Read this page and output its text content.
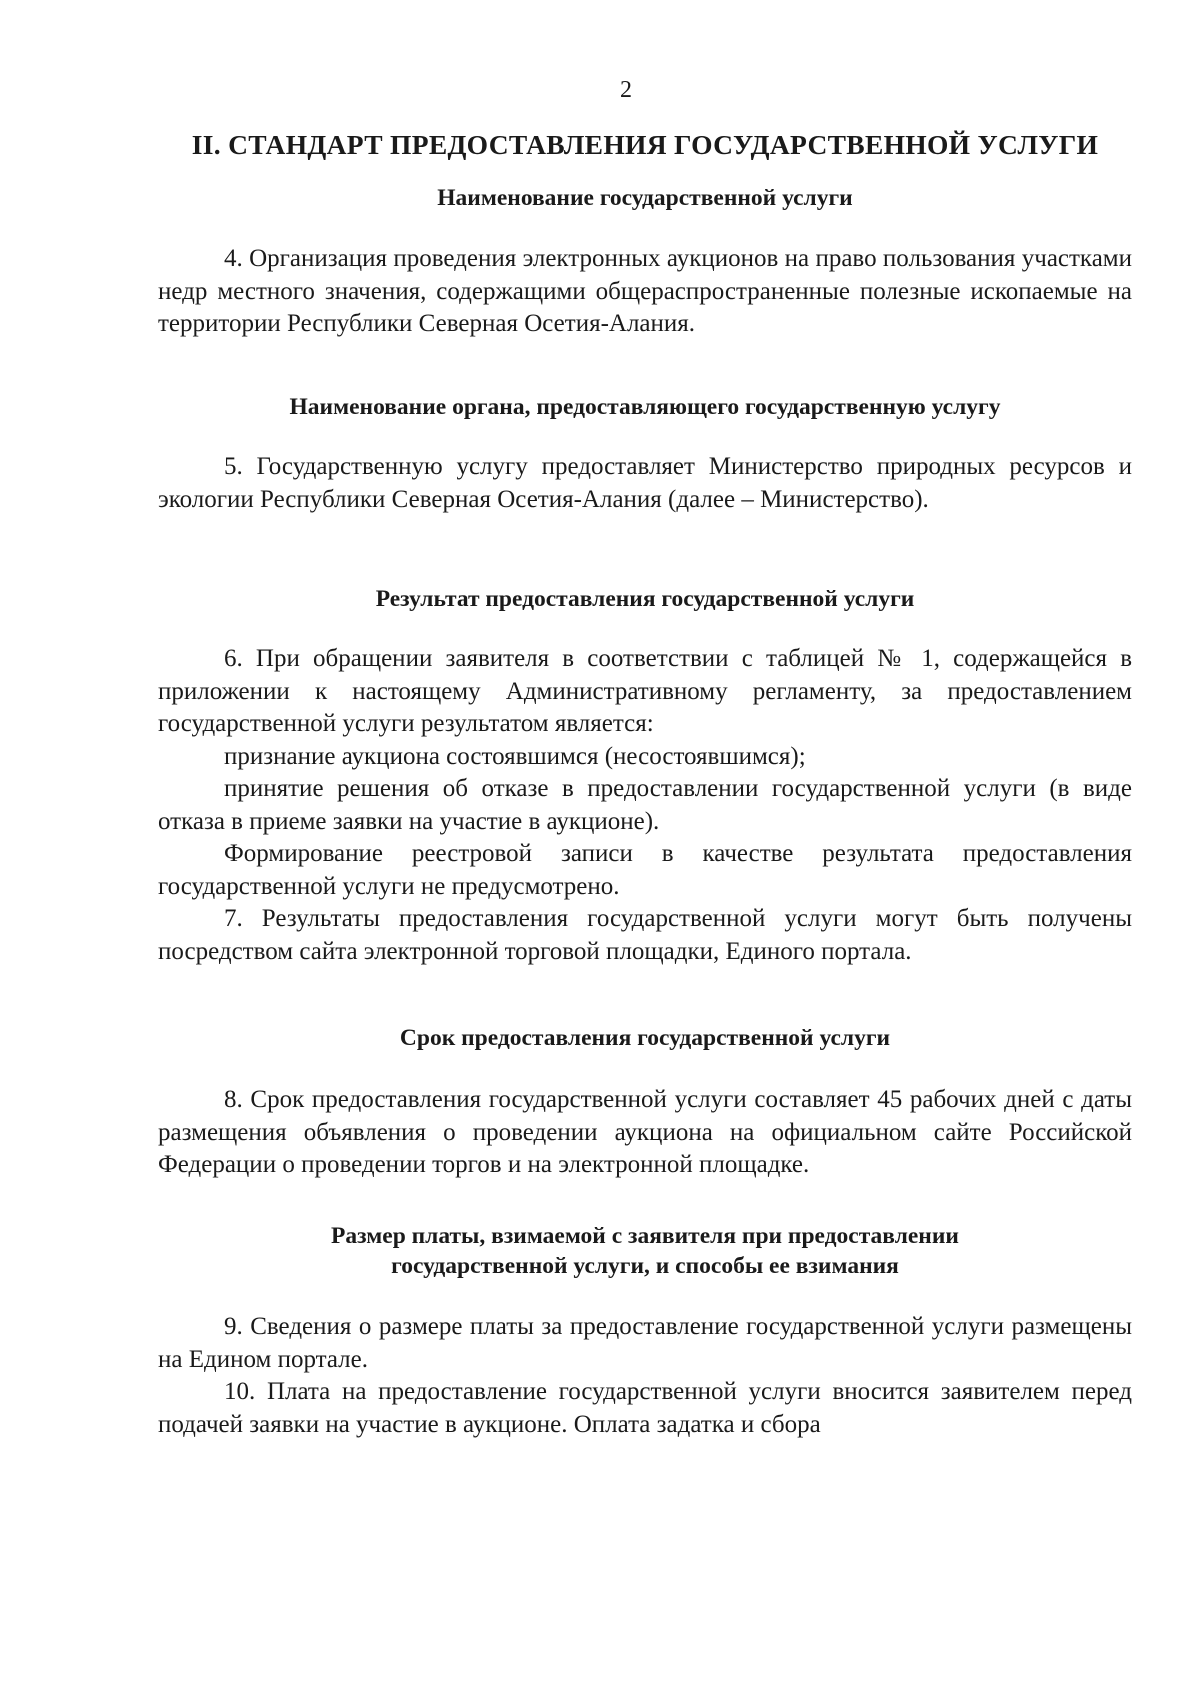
2
II. СТАНДАРТ ПРЕДОСТАВЛЕНИЯ ГОСУДАРСТВЕННОЙ УСЛУГИ
Наименование государственной услуги

4. Организация проведения электронных аукционов на право пользования участками недр местного значения, содержащими общераспространенные полезные ископаемые на территории Республики Северная Осетия-Алания.

Наименование органа, предоставляющего государственную услугу

5. Государственную услугу предоставляет Министерство природных ресурсов и экологии Республики Северная Осетия-Алания (далее – Министерство).

Результат предоставления государственной услуги

6. При обращении заявителя в соответствии с таблицей № 1, содержащейся в приложении к настоящему Административному регламенту, за предоставлением государственной услуги результатом является:

признание аукциона состоявшимся (несостоявшимся);

принятие решения об отказе в предоставлении государственной услуги (в виде отказа в приеме заявки на участие в аукционе).

Формирование реестровой записи в качестве результата предоставления государственной услуги не предусмотрено.

7. Результаты предоставления государственной услуги могут быть получены посредством сайта электронной торговой площадки, Единого портала.

Срок предоставления государственной услуги

8. Срок предоставления государственной услуги составляет 45 рабочих дней с даты размещения объявления о проведении аукциона на официальном сайте Российской Федерации о проведении торгов и на электронной площадке.

Размер платы, взимаемой с заявителя при предоставлении
государственной услуги, и способы ее взимания

9. Сведения о размере платы за предоставление государственной услуги размещены на Едином портале.

10. Плата на предоставление государственной услуги вносится заявителем перед подачей заявки на участие в аукционе. Оплата задатка и сбора
